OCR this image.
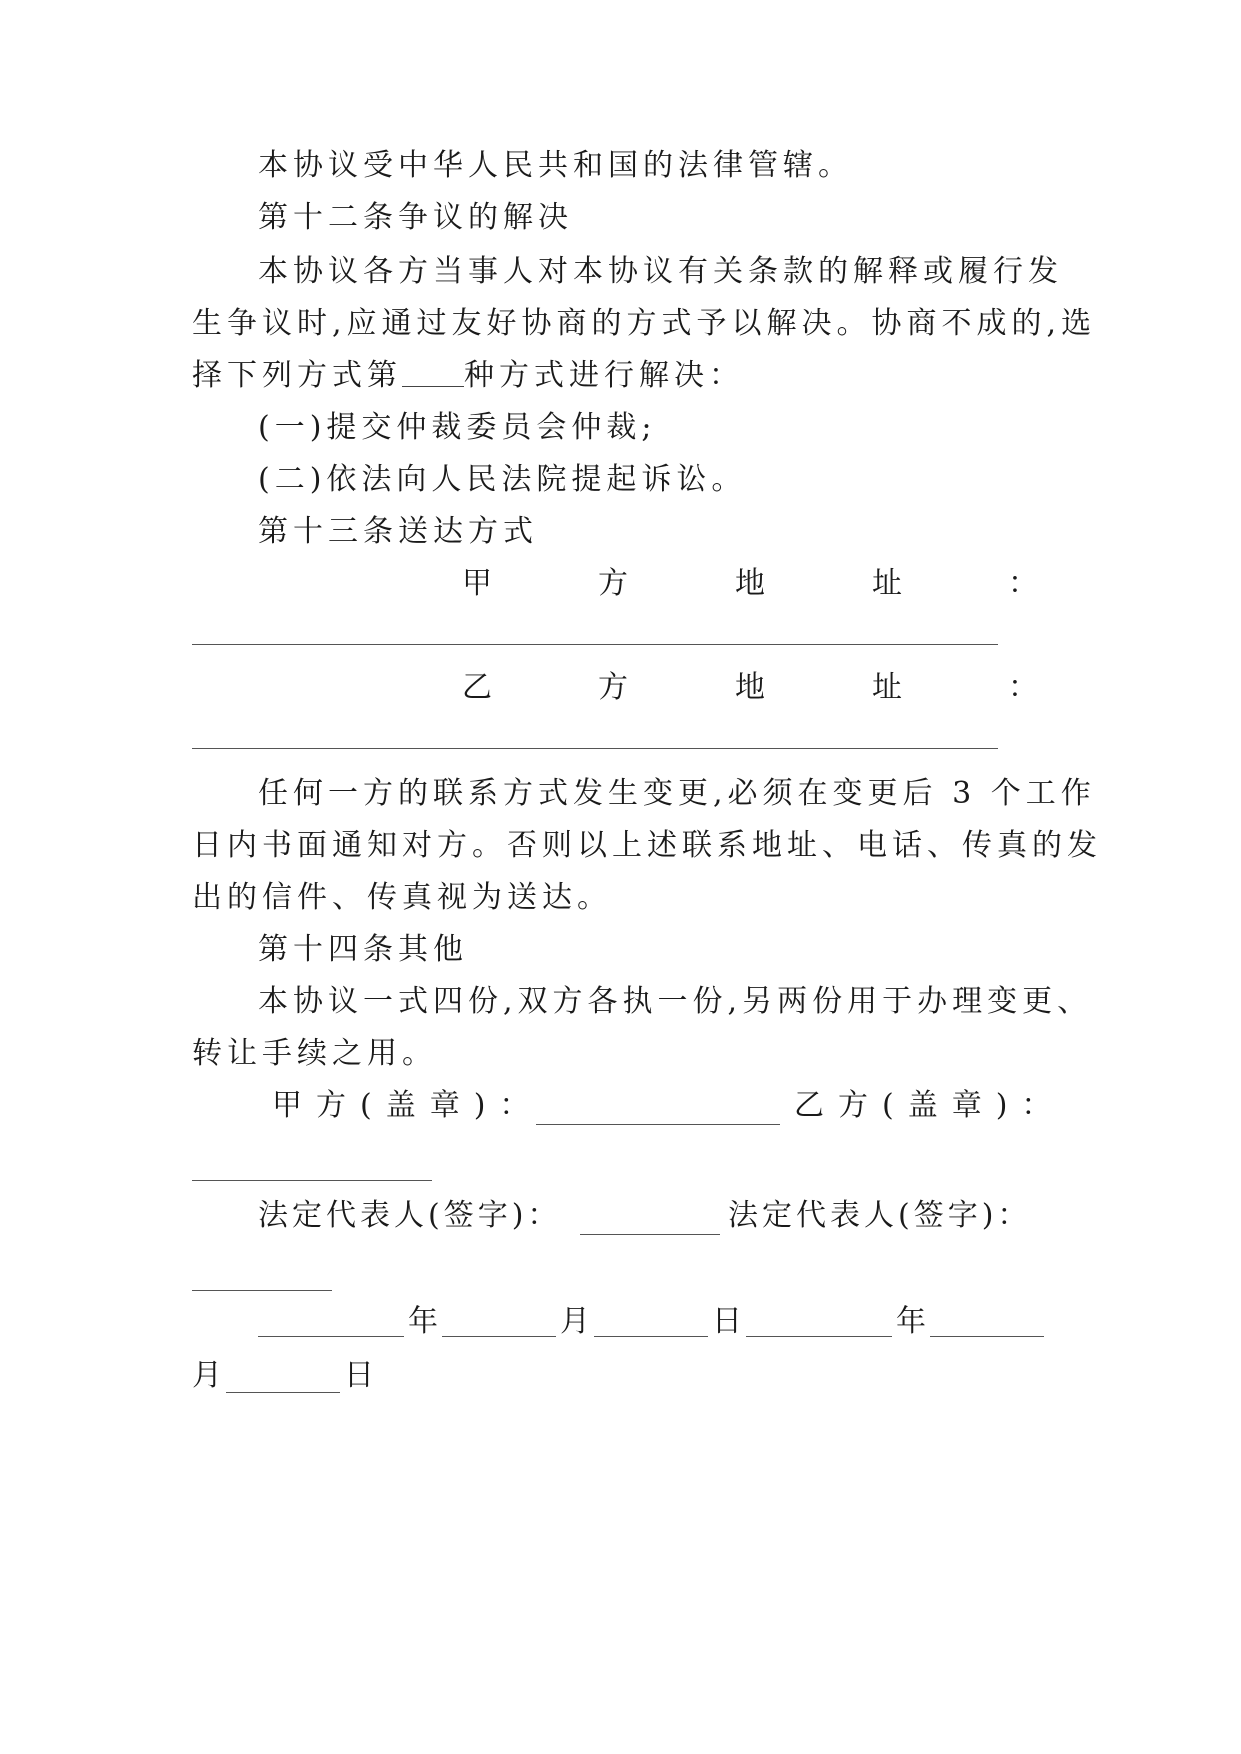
本协议受中华人民共和国的法律管辖。
第十二条争议的解决
本协议各方当事人对本协议有关条款的解释或履行发
生争议时,应通过友好协商的方式予以解决。协商不成的,选
择下列方式第 种方式进行解决：
(一)提交仲裁委员会仲裁;
(二)依法向人民法院提起诉讼。
第十三条送达方式
甲	方	地	址	：
乙	方	地	址	：
任何一方的联系方式发生变更,必须在变更后 3 个工作
日内书面通知对方。否则以上述联系地址、电话、传真的发
出的信件、传真视为送达。
第十四条其他
本协议一式四份,双方各执一份,另两份用于办理变更、
转让手续之用。
甲方(盖章)：	乙方(盖章)：
法定代表人(签字)：	法定代表人(签字)：
年	月	日	年
月	日
